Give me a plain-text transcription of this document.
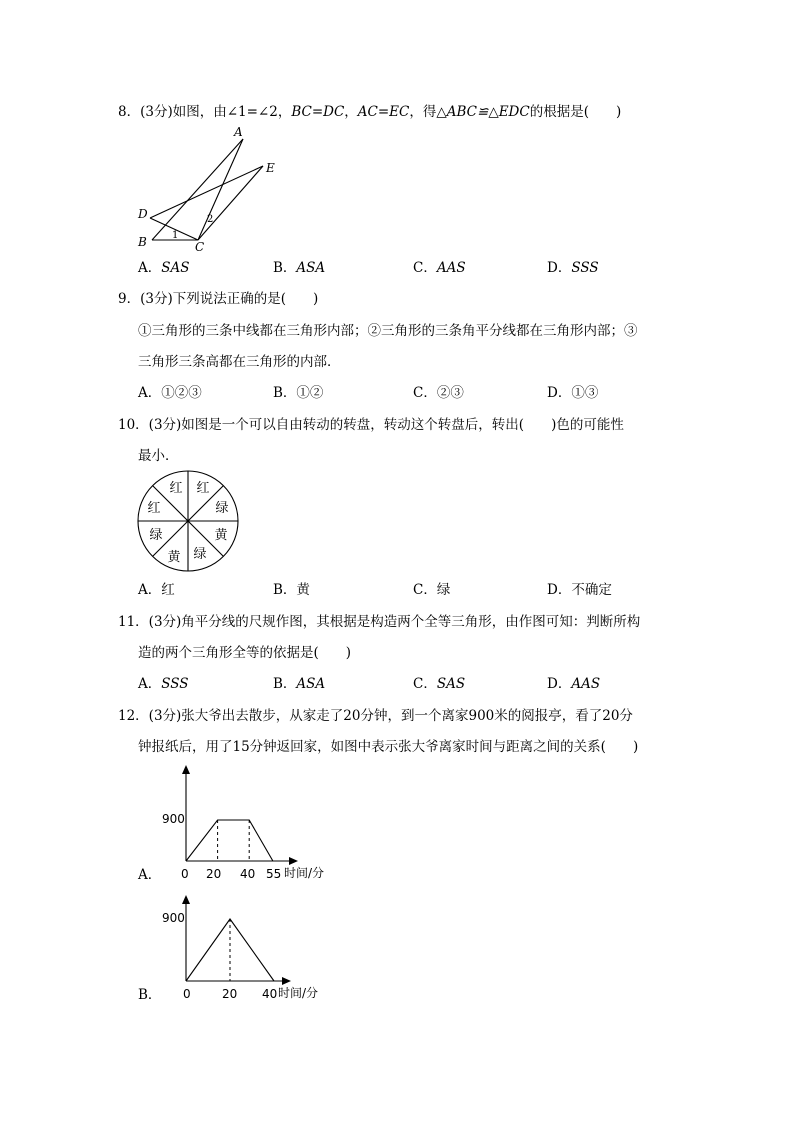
8．(3分)如图，由∠1=∠2，BC=DC，AC=EC，得△ABC≌△EDC的根据是(　　)
A
E
D
B	C
1
2
A．SAS	B．ASA	C．AAS	D．SSS
9．(3分)下列说法正确的是(　　)
①三角形的三条中线都在三角形内部；②三角形的三条角平分线都在三角形内部；③
三角形三条高都在三角形的内部．
A．①②③	B．①②	C．②③	D．①③
10．(3分)如图是一个可以自由转动的转盘，转动这个转盘后，转出(　　)色的可能性
最小．
红 红
绿
黄
绿
黄
绿
红
A．红	B．黄	C．绿	D．不确定
11．(3分)角平分线的尺规作图，其根据是构造两个全等三角形，由作图可知：判断所构
造的两个三角形全等的依据是(　　)
A．SSS	B．ASA	C．SAS	D．AAS
12．(3分)张大爷出去散步，从家走了20分钟，到一个离家900米的阅报亭，看了20分
钟报纸后，用了15分钟返回家，如图中表示张大爷离家时间与距离之间的关系(　　)
900
0 20 40 55 时间/分
A．
900
0	20 40 时间/分
B．
